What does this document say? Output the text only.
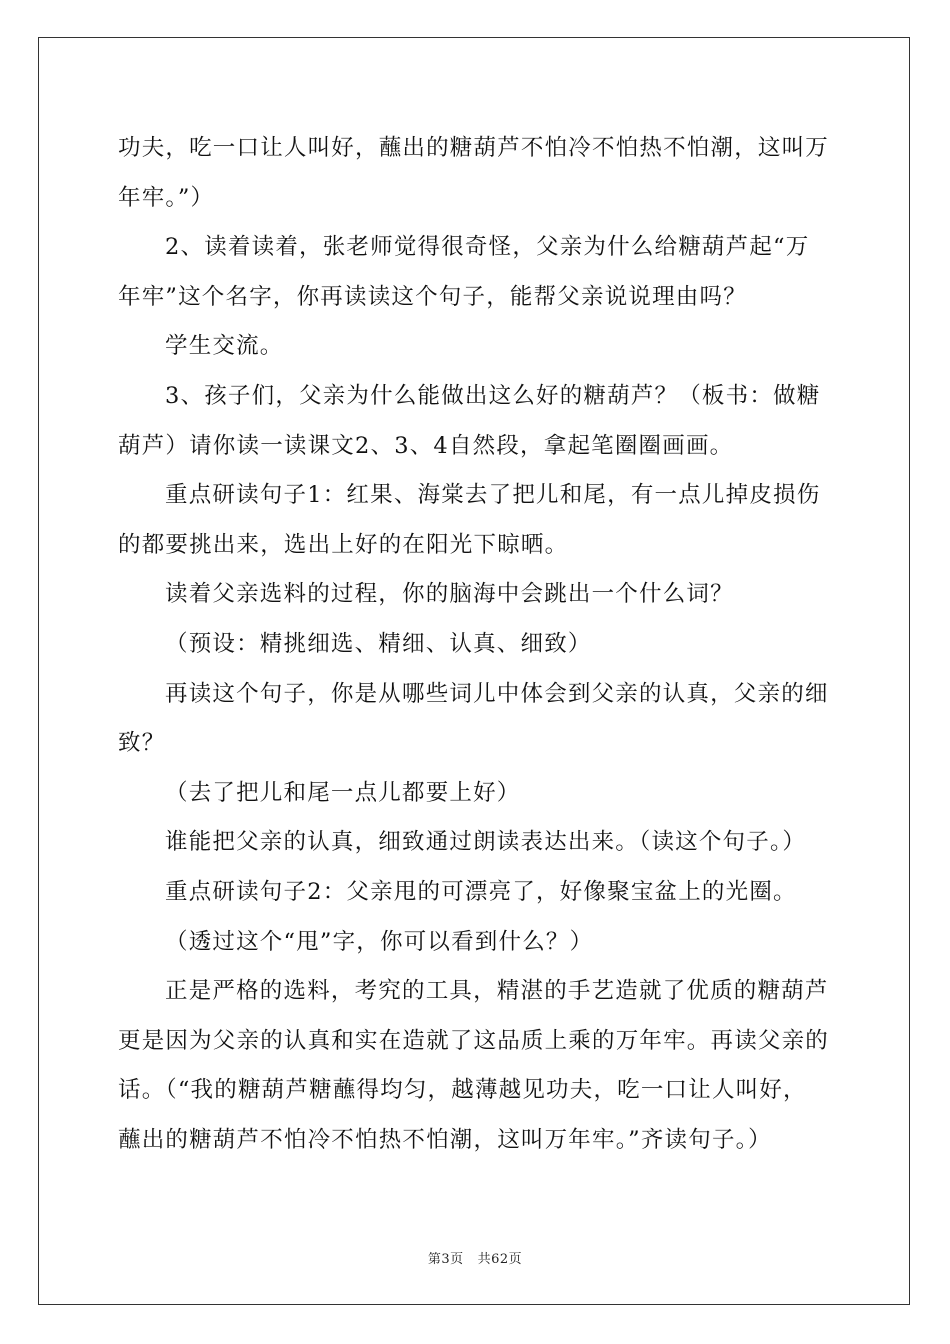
功夫，吃一口让人叫好，蘸出的糖葫芦不怕冷不怕热不怕潮，这叫万

年牢。”）

2、读着读着，张老师觉得很奇怪，父亲为什么给糖葫芦起“万

年牢”这个名字，你再读读这个句子，能帮父亲说说理由吗？

学生交流。

3、孩子们，父亲为什么能做出这么好的糖葫芦？（板书：做糖

葫芦）请你读一读课文2、3、4自然段，拿起笔圈圈画画。

重点研读句子1：红果、海棠去了把儿和尾，有一点儿掉皮损伤

的都要挑出来，选出上好的在阳光下晾晒。

读着父亲选料的过程，你的脑海中会跳出一个什么词？

（预设：精挑细选、精细、认真、细致）

再读这个句子，你是从哪些词儿中体会到父亲的认真，父亲的细

致？

（去了把儿和尾一点儿都要上好）

谁能把父亲的认真，细致通过朗读表达出来。（读这个句子。）

重点研读句子2：父亲甩的可漂亮了，好像聚宝盆上的光圈。

（透过这个“甩”字，你可以看到什么？）

正是严格的选料，考究的工具，精湛的手艺造就了优质的糖葫芦

更是因为父亲的认真和实在造就了这品质上乘的万年牢。再读父亲的

话。（“我的糖葫芦糖蘸得均匀，越薄越见功夫，吃一口让人叫好，

蘸出的糖葫芦不怕冷不怕热不怕潮，这叫万年牢。”齐读句子。）

第3页 共62页
